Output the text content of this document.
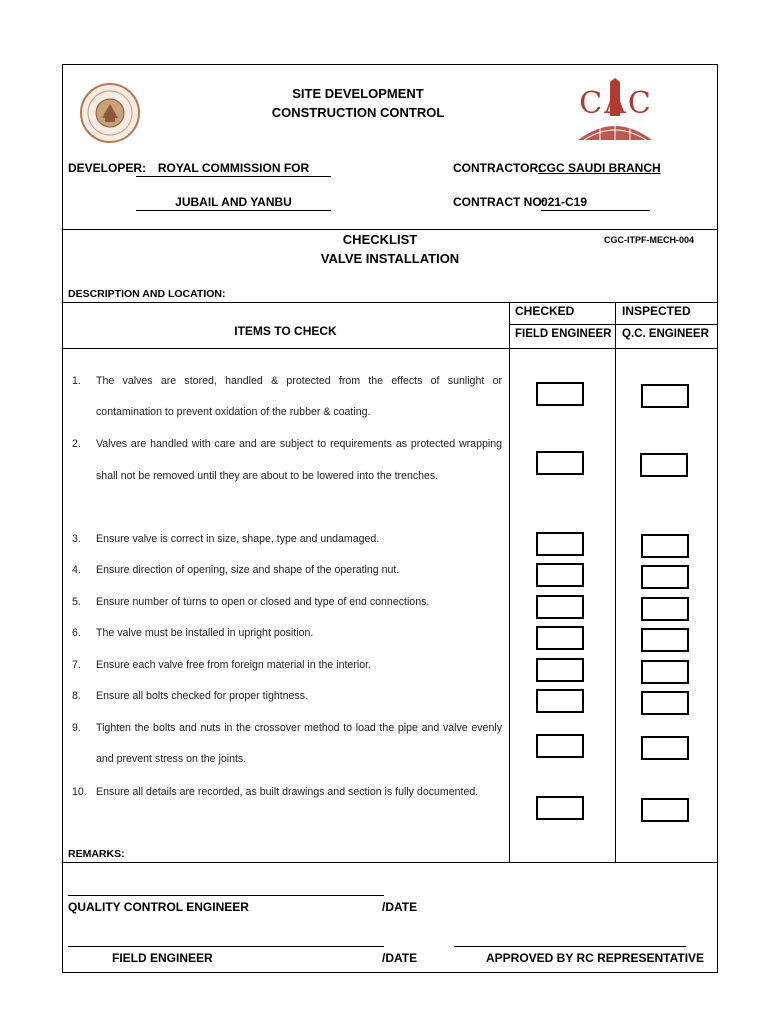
SITE DEVELOPMENT
CONSTRUCTION CONTROL	CAC
DEVELOPER: ROYAL COMMISSION FOR
JUBAIL AND YANBU
CONTRACTOR:
CGC SAUDI BRANCH
CONTRACT NO:
021-C19
CHECKLIST
VALVE INSTALLATION
CGC-ITPF-MECH-004
DESCRIPTION AND LOCATION:
ITEMS TO CHECK
CHECKED
FIELD ENGINEER
INSPECTED
Q.C. ENGINEER
1.	The valves are stored, handled & protected from the effects of sunlight or contamination to prevent oxidation of the rubber & coating.
2.	Valves are handled with care and are subject to requirements as protected wrapping shall not be removed until they are about to be lowered into the trenches.
3.	Ensure valve is correct in size, shape, type and undamaged.
4.	Ensure direction of opening, size and shape of the operating nut.
5.	Ensure number of turns to open or closed and type of end connections.
6.	The valve must be installed in upright position.
7.	Ensure each valve free from foreign material in the interior.
8.	Ensure all bolts checked for proper tightness.
9.	Tighten the bolts and nuts in the crossover method to load the pipe and valve evenly and prevent stress on the joints.
10. Ensure all details are recorded, as built drawings and section is fully documented.
REMARKS:
QUALITY CONTROL ENGINEER	/DATE
FIELD ENGINEER	/DATE	APPROVED BY RC REPRESENTATIVE
